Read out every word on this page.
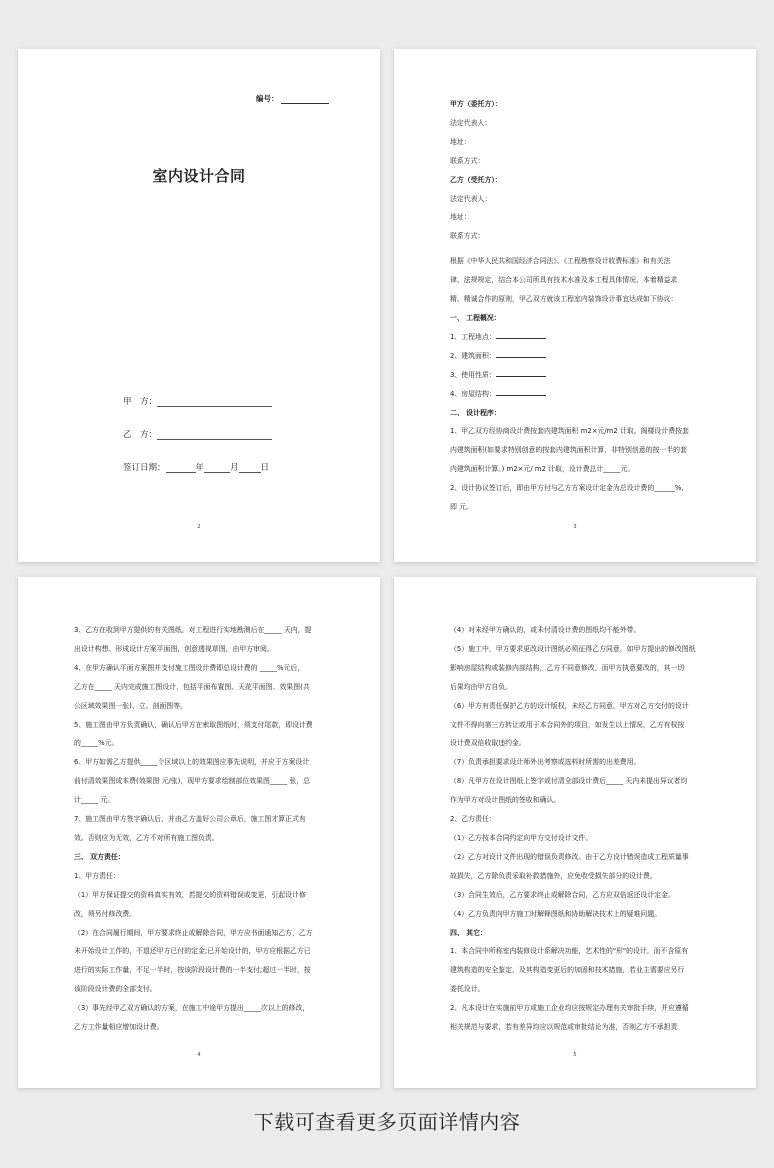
编号：
室内设计合同
甲　方：
乙　方：
签订日期：	年	月	日
2
甲方（委托方）：
法定代表人：
地址：
联系方式：
乙方（受托方）：
法定代表人：
地址：
联系方式：
根据《中华人民共和国经济合同法》、《工程勘察设计收费标准》和有关法
律、法规规定，结合本公司所具有技术水准及本工程具体情况，本着精益求
精、精诚合作的原则，甲乙双方就该工程室内装饰设计事宜达成如下协议：
一、 工程概况：
1、工程地点：
2、建筑面积：
3、使用性质：
4、房屋结构：
二、 设计程序：
1、甲乙双方经协商设计费按套内建筑面积 m2×元/m2 计取。阁楼设计费按套
内建筑面积(如要求特别创意的按套内建筑面积计算，非特别创意的按一半的套
内建筑面积计算。) m2×元/ m2 计取，设计费总计_____元。
2、设计协议签订后，即由甲方付与乙方方案设计定金为总设计费的______%,
即 元。
3
3、乙方在收到甲方提供的有关图纸，对工程进行实地勘测后在_____ 天内，提
出设计构想、形成设计方案平面图，创意透视草图，由甲方审阅。
4、在甲方确认平面方案图并支付施工图设计费即总设计费的 _____%元后，
乙方在_____ 天内完成施工图设计，包括平面布置图、天花平面图、效果图(共
公区域效果图一张)、立、剖面图等。
5、施工图由甲方负责确认，确认后甲方在索取图纸时，须支付尾款，即设计费
的_____%元。
6、甲方如需乙方提供_____个区域以上的效果图应事先说明，并应于方案设计
前付清效果图成本费(效果图 元/张)，现甲方要求绘制部位效果图_____ 张，总
计_____ 元。
7、施工图由甲方签字确认后，并由乙方盖好公司公章后，施工图才算正式有
效。否则应为无效，乙方不对所有施工图负责。
三、 双方责任：
1、甲方责任：
（1）甲方保证提交的资料真实有效，若提交的资料错误或变更，引起设计修
改，须另付修改费。
（2）在合同履行期间，甲方要求终止或解除合同，甲方应书面通知乙方，乙方
未开始设计工作的，不退还甲方已付的定金;已开始设计的，甲方应根据乙方已
进行的实际工作量，不足一半时，按该阶段设计费的一半支付;超过一半时，按
该阶段设计费的全部支付。
（3）事先经甲乙双方确认的方案，在施工中途甲方提出_____次以上的修改，
乙方工作量相应增加设计费。
4
（4）对未经甲方确认的，或未付清设计费的图纸均不能外带。
（5）施工中，甲方要求更改设计图纸必须征得乙方同意，如甲方提出的修改图纸
影响房屋结构或装修内部结构，乙方不同意修改，而甲方执意要改的，其一切
后果均由甲方自负。
（6）甲方有责任保护乙方的设计版权，未经乙方同意，甲方对乙方交付的设计
文件不得向第三方转让或用于本合同外的项目，如发生以上情况，乙方有权按
设计费双倍收取违约金。
（7）负责承担要求设计师外出考察或选料时所需的出差费用。
（8）凡甲方在设计图纸上签字或付清全部设计费后_____ 天内未提出异议者均
作为甲方对设计图纸的签收和确认。
2、乙方责任：
（1）乙方按本合同约定向甲方交付设计文件。
（2）乙方对设计文件出现的错误负责修改。由于乙方设计错误造成工程质量事
故损失，乙方除负责采取补救措施外，应免收受损失部分的设计费。
（3）合同生效后，乙方要求终止或解除合同，乙方应双倍返还设计定金。
（4）乙方负责向甲方施工时解释图纸和协助解决技术上的疑难问题。
四、 其它：
1、本合同中所称室内装修设计系解决功能，艺术性的"形"的设计，而不含原有
建筑构造的安全鉴定，及其构造变更后的加固和技术措施，若业主需要应另行
委托设计。
2、凡本设计在实施前甲方或施工企业均应按规定办理有关审批手续，并应遵循
相关规范与要求，若有差异均应以规范或审批结论为准，否则乙方不承担责
5
下载可查看更多页面详情内容
